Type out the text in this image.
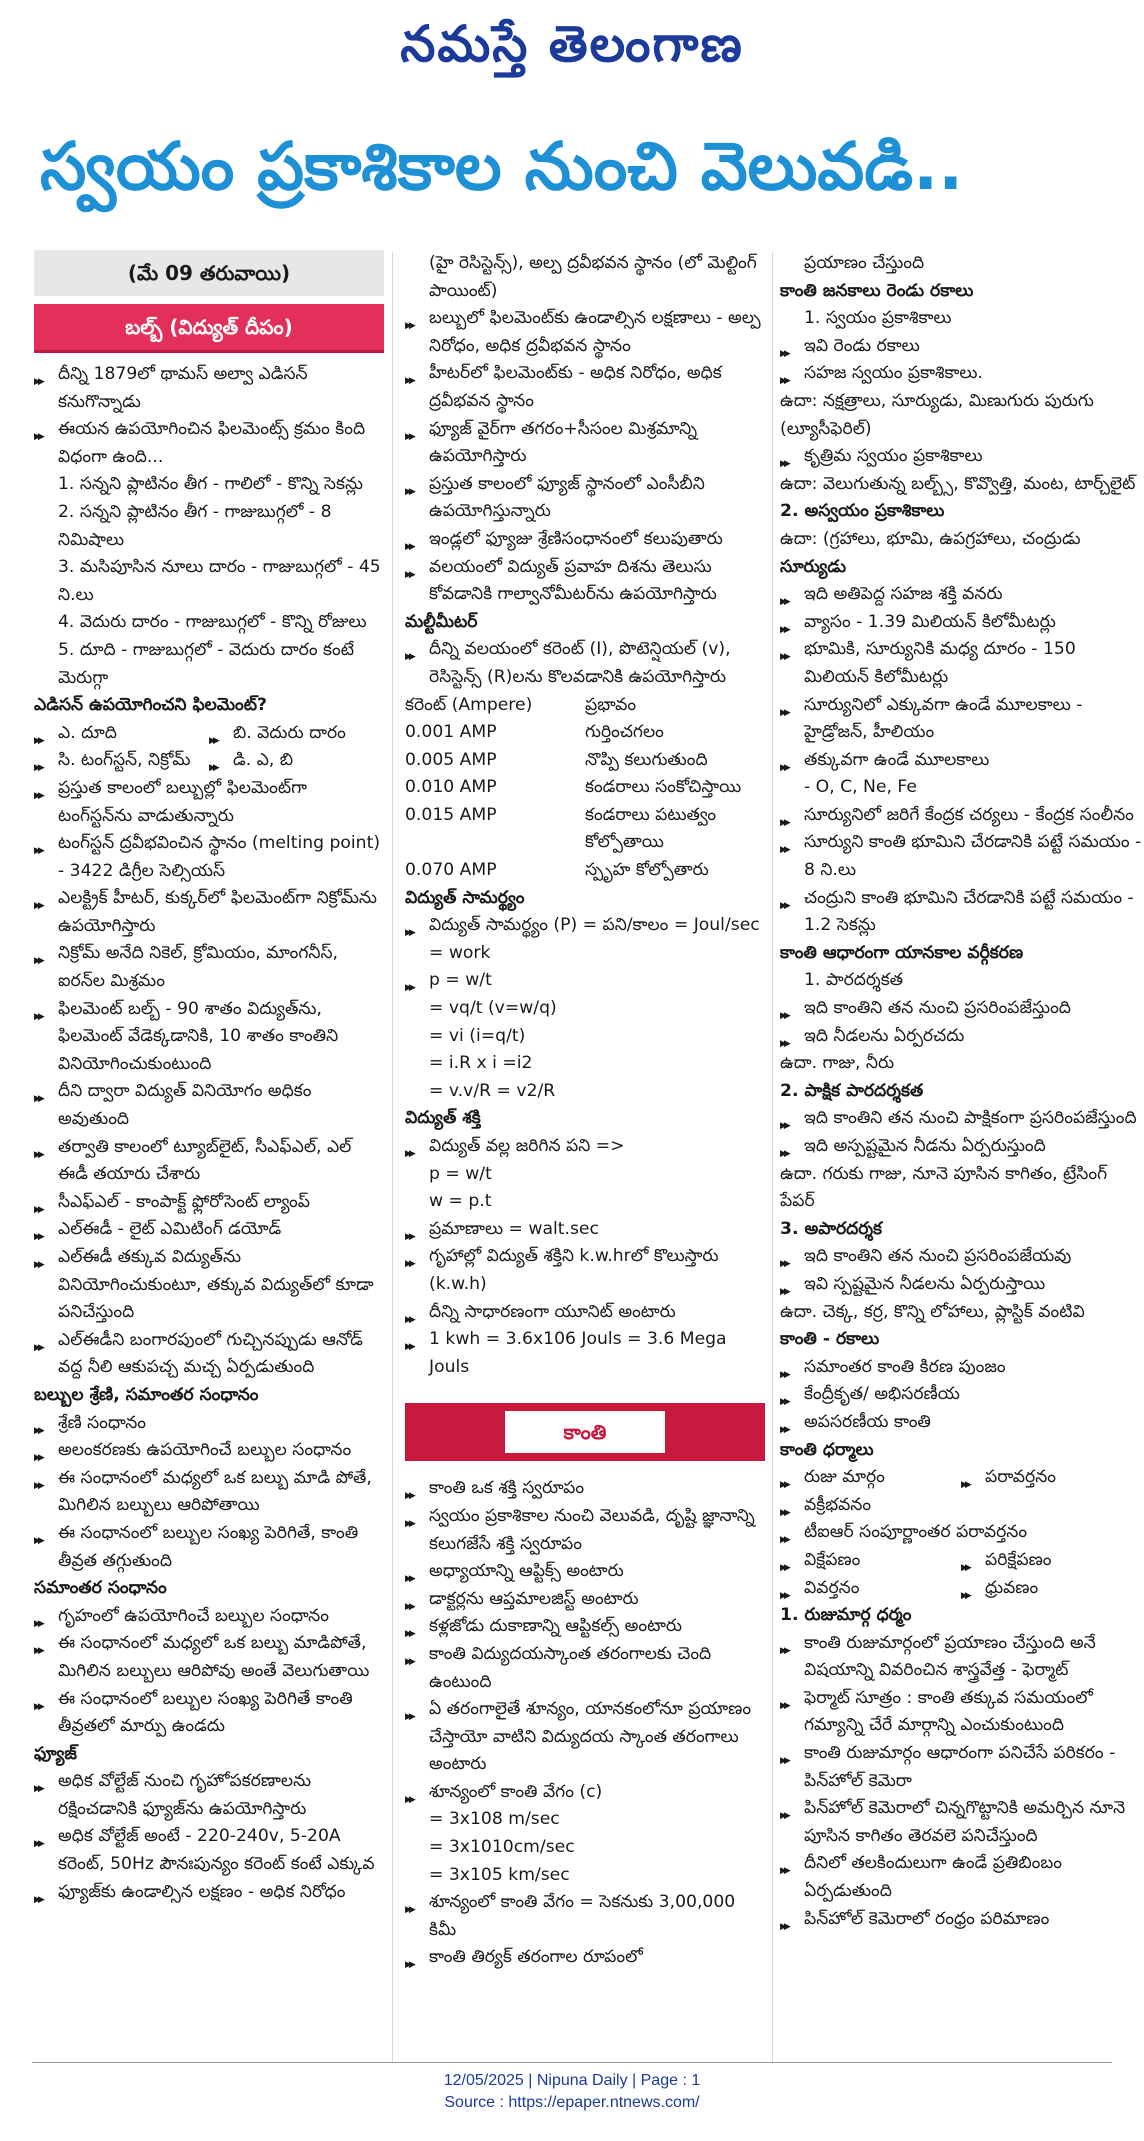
నమస్తే తెలంగాణ
స్వయం ప్రకాశికాల నుంచి వెలువడి..
(మే 09 తరువాయి)
బల్బ్ (విద్యుత్ దీపం)
▶▶ దీన్ని 1879లో థామస్ అల్వా ఎడిసన్ కనుగొన్నాడు
▶▶ ఈయన ఉపయోగించిన ఫిలమెంట్స్ క్రమం కింది విధంగా ఉంది...
1. సన్నని ప్లాటినం తీగ - గాలిలో - కొన్ని సెకన్లు
2. సన్నని ప్లాటినం తీగ - గాజుబుగ్గలో - 8 నిమిషాలు
3. మసిపూసిన నూలు దారం - గాజుబుగ్గలో - 45 ని.లు
4. వెదురు దారం - గాజుబుగ్గలో - కొన్ని రోజులు
5. దూది - గాజుబుగ్గలో - వెదురు దారం కంటే మెరుగ్గా
ఎడిసన్ ఉపయోగించని ఫిలమెంట్?
▶▶ ఎ. దూది	▶▶ బి. వెదురు దారం
▶▶ సి. టంగ్‌స్టన్, నిక్రోమ్	▶▶ డి. ఎ, బి
▶▶ ప్రస్తుత కాలంలో బల్బుల్లో ఫిలమెంట్‌గా టంగ్‌స్టన్‌ను వాడుతున్నారు
▶▶ టంగ్‌స్టన్ ద్రవీభవించిన స్థానం (melting point) - 3422 డిగ్రీల సెల్సియస్
▶▶ ఎలక్ట్రిక్ హీటర్, కుక్కర్‌లో ఫిలమెంట్‌గా నిక్రోమ్‌ను ఉపయోగిస్తారు
▶▶ నిక్రోమ్ అనేది నికెల్, క్రోమియం, మాంగనీస్, ఐరన్‌ల మిశ్రమం
▶▶ ఫిలమెంట్ బల్బ్ - 90 శాతం విద్యుత్‌ను, ఫిలమెంట్ వేడెక్కడానికి, 10 శాతం కాంతిని వినియోగించుకుంటుంది
▶▶ దీని ద్వారా విద్యుత్ వినియోగం అధికం అవుతుంది
▶▶ తర్వాతి కాలంలో ట్యూబ్‌లైట్, సీఎఫ్‌ఎల్, ఎల్ ఈడీ తయారు చేశారు
▶▶ సీఎఫ్‌ఎల్ - కాంపాక్ట్ ఫ్లోరోసెంట్ ల్యాంప్
▶▶ ఎల్‌ఈడీ - లైట్ ఎమిటింగ్ డయోడ్
▶▶ ఎల్‌ఈడీ తక్కువ విద్యుత్‌ను వినియోగించుకుంటూ, తక్కువ విద్యుత్‌లో కూడా పనిచేస్తుంది
▶▶ ఎల్‌ఈడీని బంగారపుంలో గుచ్చినప్పుడు ఆనోడ్ వద్ద నీలి ఆకుపచ్చ మచ్చ ఏర్పడుతుంది
బల్బుల శ్రేణి, సమాంతర సంధానం
▶▶ శ్రేణి సంధానం
▶▶ అలంకరణకు ఉపయోగించే బల్బుల సంధానం
▶▶ ఈ సంధానంలో మధ్యలో ఒక బల్బు మాడి పోతే, మిగిలిన బల్బులు ఆరిపోతాయి
▶▶ ఈ సంధానంలో బల్బుల సంఖ్య పెరిగితే, కాంతి తీవ్రత తగ్గుతుంది
సమాంతర సంధానం
▶▶ గృహంలో ఉపయోగించే బల్బుల సంధానం
▶▶ ఈ సంధానంలో మధ్యలో ఒక బల్బు మాడిపోతే, మిగిలిన బల్బులు ఆరిపోవు అంతే వెలుగుతాయి
▶▶ ఈ సంధానంలో బల్బుల సంఖ్య పెరిగితే కాంతి తీవ్రతలో మార్పు ఉండదు
ఫ్యూజ్
▶▶ అధిక వోల్టేజ్ నుంచి గృహోపకరణాలను రక్షించడానికి ఫ్యూజ్‌ను ఉపయోగిస్తారు
▶▶ అధిక వోల్టేజ్ అంటే - 220-240v, 5-20A కరెంట్, 50Hz పౌనఃపున్యం కరెంట్ కంటే ఎక్కువ
▶▶ ఫ్యూజ్‌కు ఉండాల్సిన లక్షణం - అధిక నిరోధం
(హై రెసిస్టెన్స్), అల్ప ద్రవీభవన స్థానం (లో మెల్టింగ్ పాయింట్)
▶▶ బల్బులో ఫిలమెంట్‌కు ఉండాల్సిన లక్షణాలు - అల్ప నిరోధం, అధిక ద్రవీభవన స్థానం
▶▶ హీటర్‌లో ఫిలమెంట్‌కు - అధిక నిరోధం, అధిక ద్రవీభవన స్థానం
▶▶ ఫ్యూజ్ వైర్‌గా తగరం+సీసంల మిశ్రమాన్ని ఉపయోగిస్తారు
▶▶ ప్రస్తుత కాలంలో ఫ్యూజ్ స్థానంలో ఎంసీబీని ఉపయోగిస్తున్నారు
▶▶ ఇండ్లలో ఫ్యూజు శ్రేణిసంధానంలో కలుపుతారు
▶▶ వలయంలో విద్యుత్ ప్రవాహ దిశను తెలుసు కోవడానికి గాల్వానోమీటర్‌ను ఉపయోగిస్తారు
మల్టీమీటర్
▶▶ దీన్ని వలయంలో కరెంట్ (I), పొటెన్షియల్ (v), రెసిస్టెన్స్ (R)లను కొలవడానికి ఉపయోగిస్తారు
కరెంట్ (Ampere)	ప్రభావం
0.001 AMP	గుర్తించగలం
0.005 AMP	నొప్పి కలుగుతుంది
0.010 AMP	కండరాలు సంకోచిస్తాయి
0.015 AMP	కండరాలు పటుత్వం కోల్పోతాయి
0.070 AMP	స్పృహ కోల్పోతారు
విద్యుత్ సామర్థ్యం
▶▶ విద్యుత్ సామర్థ్యం (P) = పని/కాలం = Joul/sec = work
▶▶ p = w/t
= vq/t (v=w/q)
= vi (i=q/t)
= i.R x i =i2
= v.v/R = v2/R
విద్యుత్ శక్తి
▶▶ విద్యుత్ వల్ల జరిగిన పని =>
p = w/t
w = p.t
▶▶ ప్రమాణాలు = walt.sec
▶▶ గృహాల్లో విద్యుత్ శక్తిని k.w.hrలో కొలుస్తారు (k.w.h)
▶▶ దీన్ని సాధారణంగా యూనిట్ అంటారు
▶▶ 1 kwh = 3.6x106 Jouls = 3.6 Mega Jouls
కాంతి
▶▶ కాంతి ఒక శక్తి స్వరూపం
▶▶ స్వయం ప్రకాశికాల నుంచి వెలువడి, దృష్టి జ్ఞానాన్ని కలుగజేసే శక్తి స్వరూపం
▶▶ అధ్యాయాన్ని ఆప్టిక్స్ అంటారు
▶▶ డాక్టర్లను ఆప్తమాలజిస్ట్ అంటారు
▶▶ కళ్లజోడు దుకాణాన్ని ఆప్టికల్స్ అంటారు
▶▶ కాంతి విద్యుదయస్కాంత తరంగాలకు చెంది ఉంటుంది
▶▶ ఏ తరంగాలైతే శూన్యం, యానకంలోనూ ప్రయాణం చేస్తాయో వాటిని విద్యుదయ స్కాంత తరంగాలు అంటారు
▶▶ శూన్యంలో కాంతి వేగం (c)
= 3x108 m/sec
= 3x1010cm/sec
= 3x105 km/sec
▶▶ శూన్యంలో కాంతి వేగం = సెకనుకు 3,00,000 కిమీ
▶▶ కాంతి తిర్యక్ తరంగాల రూపంలో
ప్రయాణం చేస్తుంది
కాంతి జనకాలు రెండు రకాలు
1. స్వయం ప్రకాశికాలు
▶▶ ఇవి రెండు రకాలు
▶▶ సహజ స్వయం ప్రకాశికాలు.
ఉదా: నక్షత్రాలు, సూర్యుడు, మిణుగురు పురుగు (ల్యూసీఫెరిల్)
▶▶ కృత్రిమ స్వయం ప్రకాశికాలు
ఉదా: వెలుగుతున్న బల్బ్స్, కొవ్వొత్తి, మంట, టార్చ్‌లైట్
2. అస్వయం ప్రకాశికాలు
ఉదా: (గ్రహాలు, భూమి, ఉపగ్రహాలు, చంద్రుడు
సూర్యుడు
▶▶ ఇది అతిపెద్ద సహజ శక్తి వనరు
▶▶ వ్యాసం - 1.39 మిలియన్ కిలోమీటర్లు
▶▶ భూమికి, సూర్యునికి మధ్య దూరం - 150 మిలియన్ కిలోమీటర్లు
▶▶ సూర్యునిలో ఎక్కువగా ఉండే మూలకాలు - హైడ్రోజన్, హీలియం
▶▶ తక్కువగా ఉండే మూలకాలు
- O, C, Ne, Fe
▶▶ సూర్యునిలో జరిగే కేంద్రక చర్యలు - కేంద్రక సంలీనం
▶▶ సూర్యుని కాంతి భూమిని చేరడానికి పట్టే సమయం - 8 ని.లు
▶▶ చంద్రుని కాంతి భూమిని చేరడానికి పట్టే సమయం - 1.2 సెకన్లు
కాంతి ఆధారంగా యానకాల వర్గీకరణ
1. పారదర్శకత
▶▶ ఇది కాంతిని తన నుంచి ప్రసరింపజేస్తుంది
▶▶ ఇది నీడలను ఏర్పరచదు
ఉదా. గాజు, నీరు
2. పాక్షిక పారదర్శకత
▶▶ ఇది కాంతిని తన నుంచి పాక్షికంగా ప్రసరింపజేస్తుంది
▶▶ ఇది అస్పష్టమైన నీడను ఏర్పరుస్తుంది
ఉదా. గరుకు గాజు, నూనె పూసిన కాగితం, ట్రేసింగ్ పేపర్
3. అపారదర్శక
▶▶ ఇది కాంతిని తన నుంచి ప్రసరింపజేయవు
▶▶ ఇవి స్పష్టమైన నీడలను ఏర్పరుస్తాయి
ఉదా. చెక్క, కర్ర, కొన్ని లోహాలు, ప్లాస్టిక్ వంటివి
కాంతి - రకాలు
▶▶ సమాంతర కాంతి కిరణ పుంజం
▶▶ కేంద్రీకృత/ అభిసరణీయ
▶▶ అపసరణీయ కాంతి
కాంతి ధర్మాలు
▶▶ రుజు మార్గం	▶▶ పరావర్తనం
▶▶ వక్రీభవనం
▶▶ టీఐఆర్ సంపూర్ణాంతర పరావర్తనం
▶▶ విక్షేపణం	▶▶ పరిక్షేపణం
▶▶ వివర్తనం	▶▶ ధ్రువణం
1. రుజుమార్గ ధర్మం
▶▶ కాంతి రుజుమార్గంలో ప్రయాణం చేస్తుంది అనే విషయాన్ని వివరించిన శాస్త్రవేత్త - ఫెర్మాట్
▶▶ ఫెర్మాట్ సూత్రం : కాంతి తక్కువ సమయంలో గమ్యాన్ని చేరే మార్గాన్ని ఎంచుకుంటుంది
▶▶ కాంతి రుజుమార్గం ఆధారంగా పనిచేసే పరికరం - పిన్‌హోల్ కెమెరా
▶▶ పిన్‌హోల్ కెమెరాలో చిన్నగొట్టానికి అమర్చిన నూనె పూసిన కాగితం తెరవలె పనిచేస్తుంది
▶▶ దీనిలో తలకిందులుగా ఉండే ప్రతిబింబం ఏర్పడుతుంది
▶▶ పిన్‌హోల్ కెమెరాలో రంధ్రం పరిమాణం
12/05/2025 | Nipuna Daily | Page : 1
Source : https://epaper.ntnews.com/
